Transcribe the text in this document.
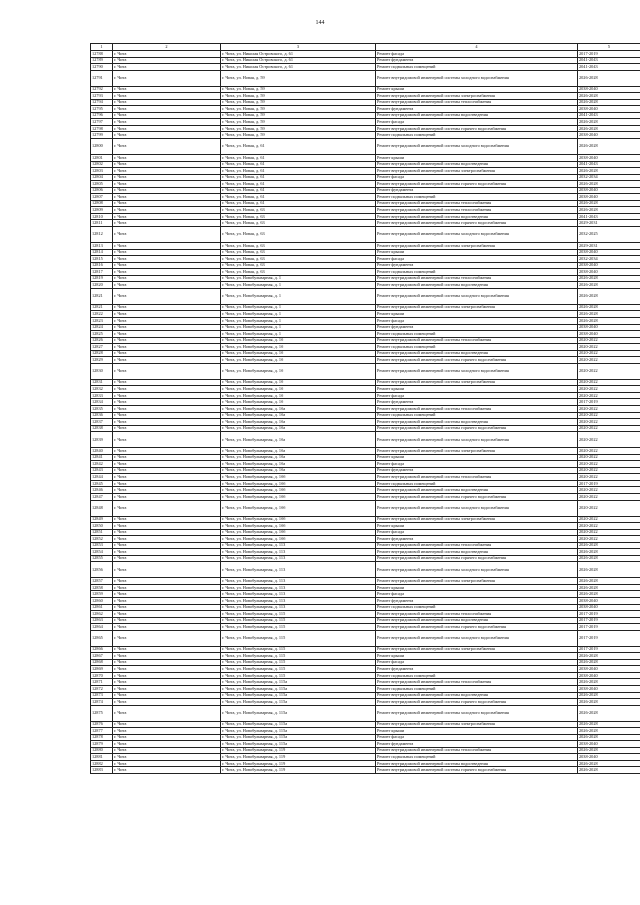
144
1	2	3	4	5
12788	г. Чита	г. Чита, ул. Николая Островского, д. 61	Ремонт фасада	2017-2019
12789	г. Чита	г. Чита, ул. Николая Островского, д. 61	Ремонт фундамента	2041-2043
12790	г. Чита	г. Чита, ул. Николая Островского, д. 61	Ремонт подвальных помещений	2041-2043
12791	г. Чита	г. Чита, ул. Новая, д. 59	Ремонт внутридомовой инженерной системы холодного водоснабжения	2026-2028
12792	г. Чита	г. Чита, ул. Новая, д. 59	Ремонт крыши	2038-2040
12793	г. Чита	г. Чита, ул. Новая, д. 59	Ремонт внутридомовой инженерной системы электроснабжения	2026-2028
12794	г. Чита	г. Чита, ул. Новая, д. 59	Ремонт внутридомовой инженерной системы теплоснабжения	2026-2028
12795	г. Чита	г. Чита, ул. Новая, д. 59	Ремонт фундамента	2038-2040
12796	г. Чита	г. Чита, ул. Новая, д. 59	Ремонт внутридомовой инженерной системы водоотведения	2041-2043
12797	г. Чита	г. Чита, ул. Новая, д. 59	Ремонт фасада	2026-2028
12798	г. Чита	г. Чита, ул. Новая, д. 59	Ремонт внутридомовой инженерной системы горячего водоснабжения	2026-2028
12799	г. Чита	г. Чита, ул. Новая, д. 59	Ремонт подвальных помещений	2038-2040
12800	г. Чита	г. Чита, ул. Новая, д. 61	Ремонт внутридомовой инженерной системы холодного водоснабжения	2026-2028
12801	г. Чита	г. Чита, ул. Новая, д. 61	Ремонт крыши	2038-2040
12802	г. Чита	г. Чита, ул. Новая, д. 61	Ремонт внутридомовой инженерной системы водоотведения	2041-2043
12803	г. Чита	г. Чита, ул. Новая, д. 61	Ремонт внутридомовой инженерной системы электроснабжения	2026-2028
12804	г. Чита	г. Чита, ул. Новая, д. 61	Ремонт фасада	2032-2034
12805	г. Чита	г. Чита, ул. Новая, д. 61	Ремонт внутридомовой инженерной системы горячего водоснабжения	2026-2028
12806	г. Чита	г. Чита, ул. Новая, д. 61	Ремонт фундамента	2038-2040
12807	г. Чита	г. Чита, ул. Новая, д. 61	Ремонт подвальных помещений	2038-2040
12808	г. Чита	г. Чита, ул. Новая, д. 61	Ремонт внутридомовой инженерной системы теплоснабжения	2026-2028
12809	г. Чита	г. Чита, ул. Новая, д. 63	Ремонт внутридомовой инженерной системы теплоснабжения	2026-2028
12810	г. Чита	г. Чита, ул. Новая, д. 63	Ремонт внутридомовой инженерной системы водоотведения	2041-2043
12811	г. Чита	г. Чита, ул. Новая, д. 63	Ремонт внутридомовой инженерной системы горячего водоснабжения	2029-2031
12812	г. Чита	г. Чита, ул. Новая, д. 63	Ремонт внутридомовой инженерной системы холодного водоснабжения	2032-2025
12813	г. Чита	г. Чита, ул. Новая, д. 63	Ремонт внутридомовой инженерной системы электроснабжения	2029-2031
12814	г. Чита	г. Чита, ул. Новая, д. 63	Ремонт крыши	2038-2040
12815	г. Чита	г. Чита, ул. Новая, д. 63	Ремонт фасада	2032-2034
12816	г. Чита	г. Чита, ул. Новая, д. 63	Ремонт фундамента	2038-2040
12817	г. Чита	г. Чита, ул. Новая, д. 63	Ремонт подвальных помещений	2038-2040
12819	г. Чита	г. Чита, ул. Новобульварная, д. 1	Ремонт внутридомовой инженерной системы теплоснабжения	2026-2028
12820	г. Чита	г. Чита, ул. Новобульварная, д. 1	Ремонт внутридомовой инженерной системы водоотведения	2026-2028
12821	г. Чита	г. Чита, ул. Новобульварная, д. 1	Ремонт внутридомовой инженерной системы холодного водоснабжения	2026-2028
12821	г. Чита	г. Чита, ул. Новобульварная, д. 1	Ремонт внутридомовой инженерной системы электроснабжения	2026-2028
12822	г. Чита	г. Чита, ул. Новобульварная, д. 1	Ремонт крыши	2026-2028
12823	г. Чита	г. Чита, ул. Новобульварная, д. 1	Ремонт фасада	2026-2028
12824	г. Чита	г. Чита, ул. Новобульварная, д. 1	Ремонт фундамента	2038-2040
12825	г. Чита	г. Чита, ул. Новобульварная, д. 1	Ремонт подвальных помещений	2038-2040
12826	г. Чита	г. Чита, ул. Новобульварная, д. 1б	Ремонт внутридомовой инженерной системы теплоснабжения	2020-2022
12827	г. Чита	г. Чита, ул. Новобульварная, д. 1б	Ремонт подвальных помещений	2020-2022
12828	г. Чита	г. Чита, ул. Новобульварная, д. 1б	Ремонт внутридомовой инженерной системы водоотведения	2020-2022
12829	г. Чита	г. Чита, ул. Новобульварная, д. 1б	Ремонт внутридомовой инженерной системы горячего водоснабжения	2020-2022
12830	г. Чита	г. Чита, ул. Новобульварная, д. 1б	Ремонт внутридомовой инженерной системы холодного водоснабжения	2020-2022
12831	г. Чита	г. Чита, ул. Новобульварная, д. 1б	Ремонт внутридомовой инженерной системы электроснабжения	2020-2022
12832	г. Чита	г. Чита, ул. Новобульварная, д. 1б	Ремонт крыши	2020-2022
12833	г. Чита	г. Чита, ул. Новобульварная, д. 1б	Ремонт фасада	2020-2022
12834	г. Чита	г. Чита, ул. Новобульварная, д. 1б	Ремонт фундамента	2017-2019
12835	г. Чита	г. Чита, ул. Новобульварная, д. 1ба	Ремонт внутридомовой инженерной системы теплоснабжения	2020-2022
12836	г. Чита	г. Чита, ул. Новобульварная, д. 1ба	Ремонт подвальных помещений	2020-2022
12837	г. Чита	г. Чита, ул. Новобульварная, д. 1ба	Ремонт внутридомовой инженерной системы водоотведения	2020-2022
12838	г. Чита	г. Чита, ул. Новобульварная, д. 1ба	Ремонт внутридомовой инженерной системы горячего водоснабжения	2020-2022
12839	г. Чита	г. Чита, ул. Новобульварная, д. 1ба	Ремонт внутридомовой инженерной системы холодного водоснабжения	2020-2022
12840	г. Чита	г. Чита, ул. Новобульварная, д. 1ба	Ремонт внутридомовой инженерной системы электроснабжения	2020-2022
12841	г. Чита	г. Чита, ул. Новобульварная, д. 1ба	Ремонт крыши	2020-2022
12842	г. Чита	г. Чита, ул. Новобульварная, д. 1ба	Ремонт фасада	2020-2022
12843	г. Чита	г. Чита, ул. Новобульварная, д. 1ба	Ремонт фундамента	2020-2022
12844	г. Чита	г. Чита, ул. Новобульварная, д. 1бб	Ремонт внутридомовой инженерной системы теплоснабжения	2020-2022
12845	г. Чита	г. Чита, ул. Новобульварная, д. 1бб	Ремонт подвальных помещений	2017-2019
12846	г. Чита	г. Чита, ул. Новобульварная, д. 1бб	Ремонт внутридомовой инженерной системы водоотведения	2020-2022
12847	г. Чита	г. Чита, ул. Новобульварная, д. 1бб	Ремонт внутридомовой инженерной системы горячего водоснабжения	2020-2022
12848	г. Чита	г. Чита, ул. Новобульварная, д. 1бб	Ремонт внутридомовой инженерной системы холодного водоснабжения	2020-2022
12849	г. Чита	г. Чита, ул. Новобульварная, д. 1бб	Ремонт внутридомовой инженерной системы электроснабжения	2020-2022
12850	г. Чита	г. Чита, ул. Новобульварная, д. 1бб	Ремонт крыши	2020-2022
12851	г. Чита	г. Чита, ул. Новобульварная, д. 1бб	Ремонт фасада	2020-2022
12852	г. Чита	г. Чита, ул. Новобульварная, д. 1бб	Ремонт фундамента	2020-2022
12853	г. Чита	г. Чита, ул. Новобульварная, д. 113	Ремонт внутридомовой инженерной системы теплоснабжения	2026-2028
12854	г. Чита	г. Чита, ул. Новобульварная, д. 113	Ремонт внутридомовой инженерной системы водоотведения	2026-2028
12855	г. Чита	г. Чита, ул. Новобульварная, д. 113	Ремонт внутридомовой инженерной системы горячего водоснабжения	2026-2028
12856	г. Чита	г. Чита, ул. Новобульварная, д. 113	Ремонт внутридомовой инженерной системы холодного водоснабжения	2026-2028
12857	г. Чита	г. Чита, ул. Новобульварная, д. 113	Ремонт внутридомовой инженерной системы электроснабжения	2026-2028
12858	г. Чита	г. Чита, ул. Новобульварная, д. 113	Ремонт крыши	2026-2028
12859	г. Чита	г. Чита, ул. Новобульварная, д. 113	Ремонт фасада	2026-2028
12860	г. Чита	г. Чита, ул. Новобульварная, д. 113	Ремонт фундамента	2038-2040
12861	г. Чита	г. Чита, ул. Новобульварная, д. 113	Ремонт подвальных помещений	2038-2040
12862	г. Чита	г. Чита, ул. Новобульварная, д. 115	Ремонт внутридомовой инженерной системы теплоснабжения	2017-2019
12863	г. Чита	г. Чита, ул. Новобульварная, д. 115	Ремонт внутридомовой инженерной системы водоотведения	2017-2019
12864	г. Чита	г. Чита, ул. Новобульварная, д. 115	Ремонт внутридомовой инженерной системы горячего водоснабжения	2017-2019
12865	г. Чита	г. Чита, ул. Новобульварная, д. 115	Ремонт внутридомовой инженерной системы холодного водоснабжения	2017-2019
12866	г. Чита	г. Чита, ул. Новобульварная, д. 115	Ремонт внутридомовой инженерной системы электроснабжения	2017-2019
12867	г. Чита	г. Чита, ул. Новобульварная, д. 115	Ремонт крыши	2026-2028
12868	г. Чита	г. Чита, ул. Новобульварная, д. 115	Ремонт фасада	2026-2028
12869	г. Чита	г. Чита, ул. Новобульварная, д. 115	Ремонт фундамента	2038-2040
12870	г. Чита	г. Чита, ул. Новобульварная, д. 115	Ремонт подвальных помещений	2038-2040
12871	г. Чита	г. Чита, ул. Новобульварная, д. 115а	Ремонт внутридомовой инженерной системы теплоснабжения	2026-2028
12872	г. Чита	г. Чита, ул. Новобульварная, д. 115а	Ремонт подвальных помещений	2038-2040
12873	г. Чита	г. Чита, ул. Новобульварная, д. 115а	Ремонт внутридомовой инженерной системы водоотведения	2026-2028
12874	г. Чита	г. Чита, ул. Новобульварная, д. 115а	Ремонт внутридомовой инженерной системы горячего водоснабжения	2026-2028
12875	г. Чита	г. Чита, ул. Новобульварная, д. 115а	Ремонт внутридомовой инженерной системы холодного водоснабжения	2026-2028
12876	г. Чита	г. Чита, ул. Новобульварная, д. 115а	Ремонт внутридомовой инженерной системы электроснабжения	2026-2028
12877	г. Чита	г. Чита, ул. Новобульварная, д. 115а	Ремонт крыши	2026-2028
12878	г. Чита	г. Чита, ул. Новобульварная, д. 115а	Ремонт фасада	2026-2028
12879	г. Чита	г. Чита, ул. Новобульварная, д. 115а	Ремонт фундамента	2038-2040
12880	г. Чита	г. Чита, ул. Новобульварная, д. 119	Ремонт внутридомовой инженерной системы теплоснабжения	2026-2028
12881	г. Чита	г. Чита, ул. Новобульварная, д. 119	Ремонт подвальных помещений	2038-2040
12882	г. Чита	г. Чита, ул. Новобульварная, д. 119	Ремонт внутридомовой инженерной системы водоотведения	2026-2028
12883	г. Чита	г. Чита, ул. Новобульварная, д. 119	Ремонт внутридомовой инженерной системы горячего водоснабжения	2026-2028
